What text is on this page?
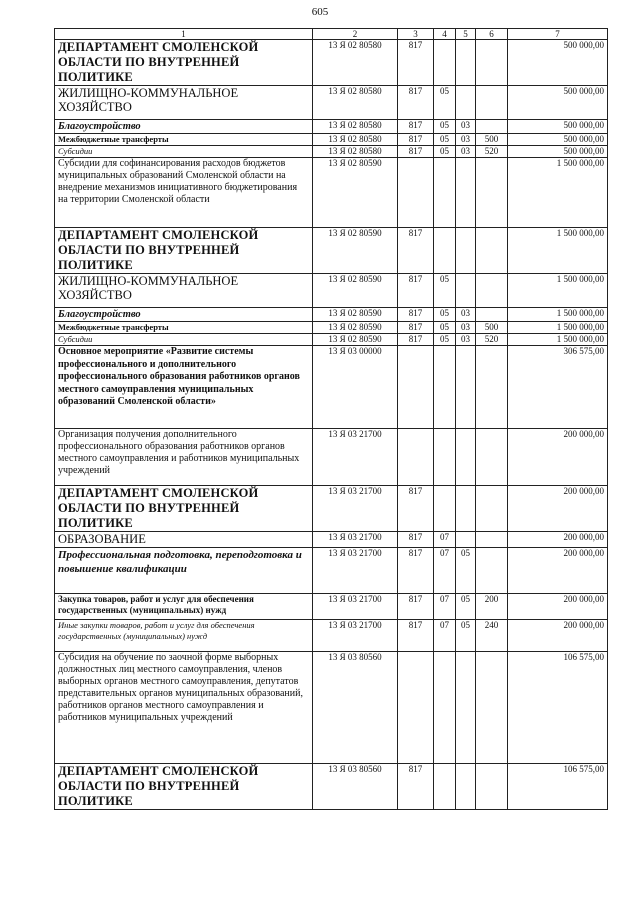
605
1	2	3	4	5	6	7
ДЕПАРТАМЕНТ СМОЛЕНСКОЙ ОБЛАСТИ ПО ВНУТРЕННЕЙ ПОЛИТИКЕ	13 Я 02 80580	817				500 000,00
ЖИЛИЩНО-КОММУНАЛЬНОЕ ХОЗЯЙСТВО	13 Я 02 80580	817	05			500 000,00
Благоустройство	13 Я 02 80580	817	05	03		500 000,00
Межбюджетные трансферты	13 Я 02 80580	817	05	03	500	500 000,00
Субсидии	13 Я 02 80580	817	05	03	520	500 000,00
Субсидии для софинансирования расходов бюджетов муниципальных образований Смоленской области на внедрение механизмов инициативного бюджетирования на территории Смоленской области	13 Я 02 80590					1 500 000,00
ДЕПАРТАМЕНТ СМОЛЕНСКОЙ ОБЛАСТИ ПО ВНУТРЕННЕЙ ПОЛИТИКЕ	13 Я 02 80590	817				1 500 000,00
ЖИЛИЩНО-КОММУНАЛЬНОЕ ХОЗЯЙСТВО	13 Я 02 80590	817	05			1 500 000,00
Благоустройство	13 Я 02 80590	817	05	03		1 500 000,00
Межбюджетные трансферты	13 Я 02 80590	817	05	03	500	1 500 000,00
Субсидии	13 Я 02 80590	817	05	03	520	1 500 000,00
Основное мероприятие «Развитие системы профессионального и дополнительного профессионального образования работников органов местного самоуправления муниципальных образований Смоленской области»	13 Я 03 00000					306 575,00
Организация получения дополнительного профессионального образования работников органов местного самоуправления и работников муниципальных учреждений	13 Я 03 21700					200 000,00
ДЕПАРТАМЕНТ СМОЛЕНСКОЙ ОБЛАСТИ ПО ВНУТРЕННЕЙ ПОЛИТИКЕ	13 Я 03 21700	817				200 000,00
ОБРАЗОВАНИЕ	13 Я 03 21700	817	07			200 000,00
Профессиональная подготовка, переподготовка и повышение квалификации	13 Я 03 21700	817	07	05		200 000,00
Закупка товаров, работ и услуг для обеспечения государственных (муниципальных) нужд	13 Я 03 21700	817	07	05	200	200 000,00
Иные закупки товаров, работ и услуг для обеспечения государственных (муниципальных) нужд	13 Я 03 21700	817	07	05	240	200 000,00
Субсидия на обучение по заочной форме выборных должностных лиц местного самоуправления, членов выборных органов местного самоуправления, депутатов представительных органов муниципальных образований, работников органов местного самоуправления и работников муниципальных учреждений	13 Я 03 80560					106 575,00
ДЕПАРТАМЕНТ СМОЛЕНСКОЙ ОБЛАСТИ ПО ВНУТРЕННЕЙ ПОЛИТИКЕ	13 Я 03 80560	817				106 575,00
